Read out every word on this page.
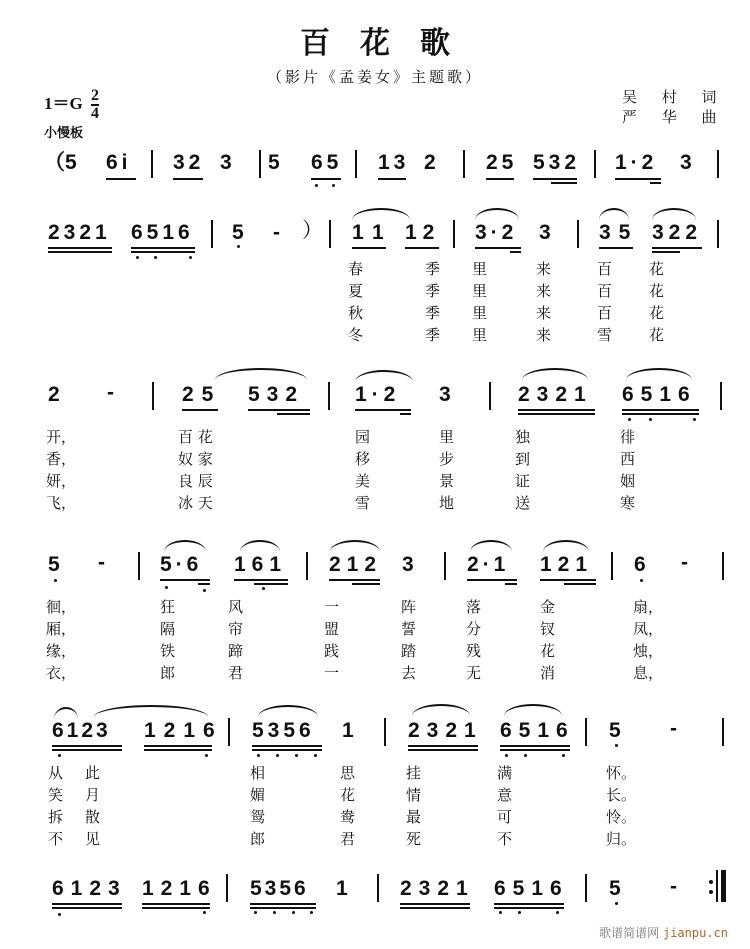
百花歌
（影片《孟姜女》主题歌）
吴 村 词
严 华 曲
$1=G \frac{2}{4}$
小慢板
（5 6i 32 3 5 65 13 2 25 532 1·2 3
2321 6516 5 - ） 1 1 12 3·2 3 35 322
春	季 里	来	百 花
夏	季 里	来	百 花
秋	季 里	来	百 花
冬	季 里	来	雪 花
2 -	25 532 1·2 3	2321 6516
开，	百 花	园	里	独	徘
香，	奴 家	移	步	到	西
妍，	良 辰	美	景	证	姻
飞，	冰 天	雪	地	送	寒
5 -	5·6 161 212 3	2·1 121 6 -
徊，	狂	风	一	阵	落	金	扇，
厢，	隔	帘	盟	誓	分	钗	凤，
缘，	铁	蹄	践	踏	残	花	烛，
衣，	郎	君	一	去	无	消	息，
6123 1216 5356 1	2321 6516 5 -
从 此	相	思	挂	满	怀。
笑 月	媚	花	情	意	长。
拆 散	鸳	鸯	最	可	怜。
不 见	郎	君	死	不	归。
6123 1216 5356 1 2321 6516 5 -
歌谱简谱网 jianpu.cn
